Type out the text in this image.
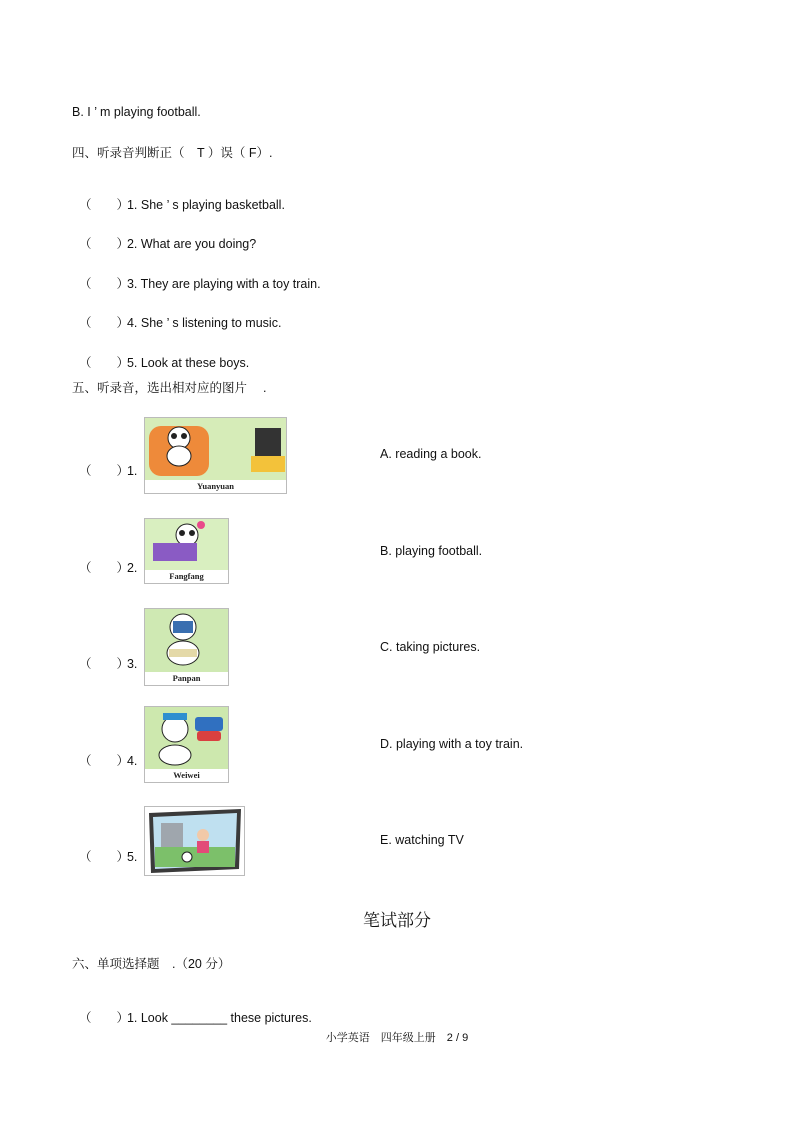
B. I ’ m playing football.
四、听录音判断正（　T ）误（ F）.

（　　）1. She ’ s playing basketball.

（　　）2. What are you doing?

（　　）3. They are playing with a toy train.

（　　）4. She ’ s listening to music.

（　　）5. Look at these boys.

五、听录音，选出相对应的图片　 .

（　　）1.

Yuanyuan
A. reading a book.

（　　）2.

Fangfang
B. playing football.

（　　）3.

Panpan
C. taking pictures.

（　　）4.

Weiwei
D. playing with a toy train.

（　　）5.

E. watching TV
笔试部分
六、单项选择题　.（20 分）

（　　）1. Look ________ these pictures.

小学英语　四年级上册　2 / 9
